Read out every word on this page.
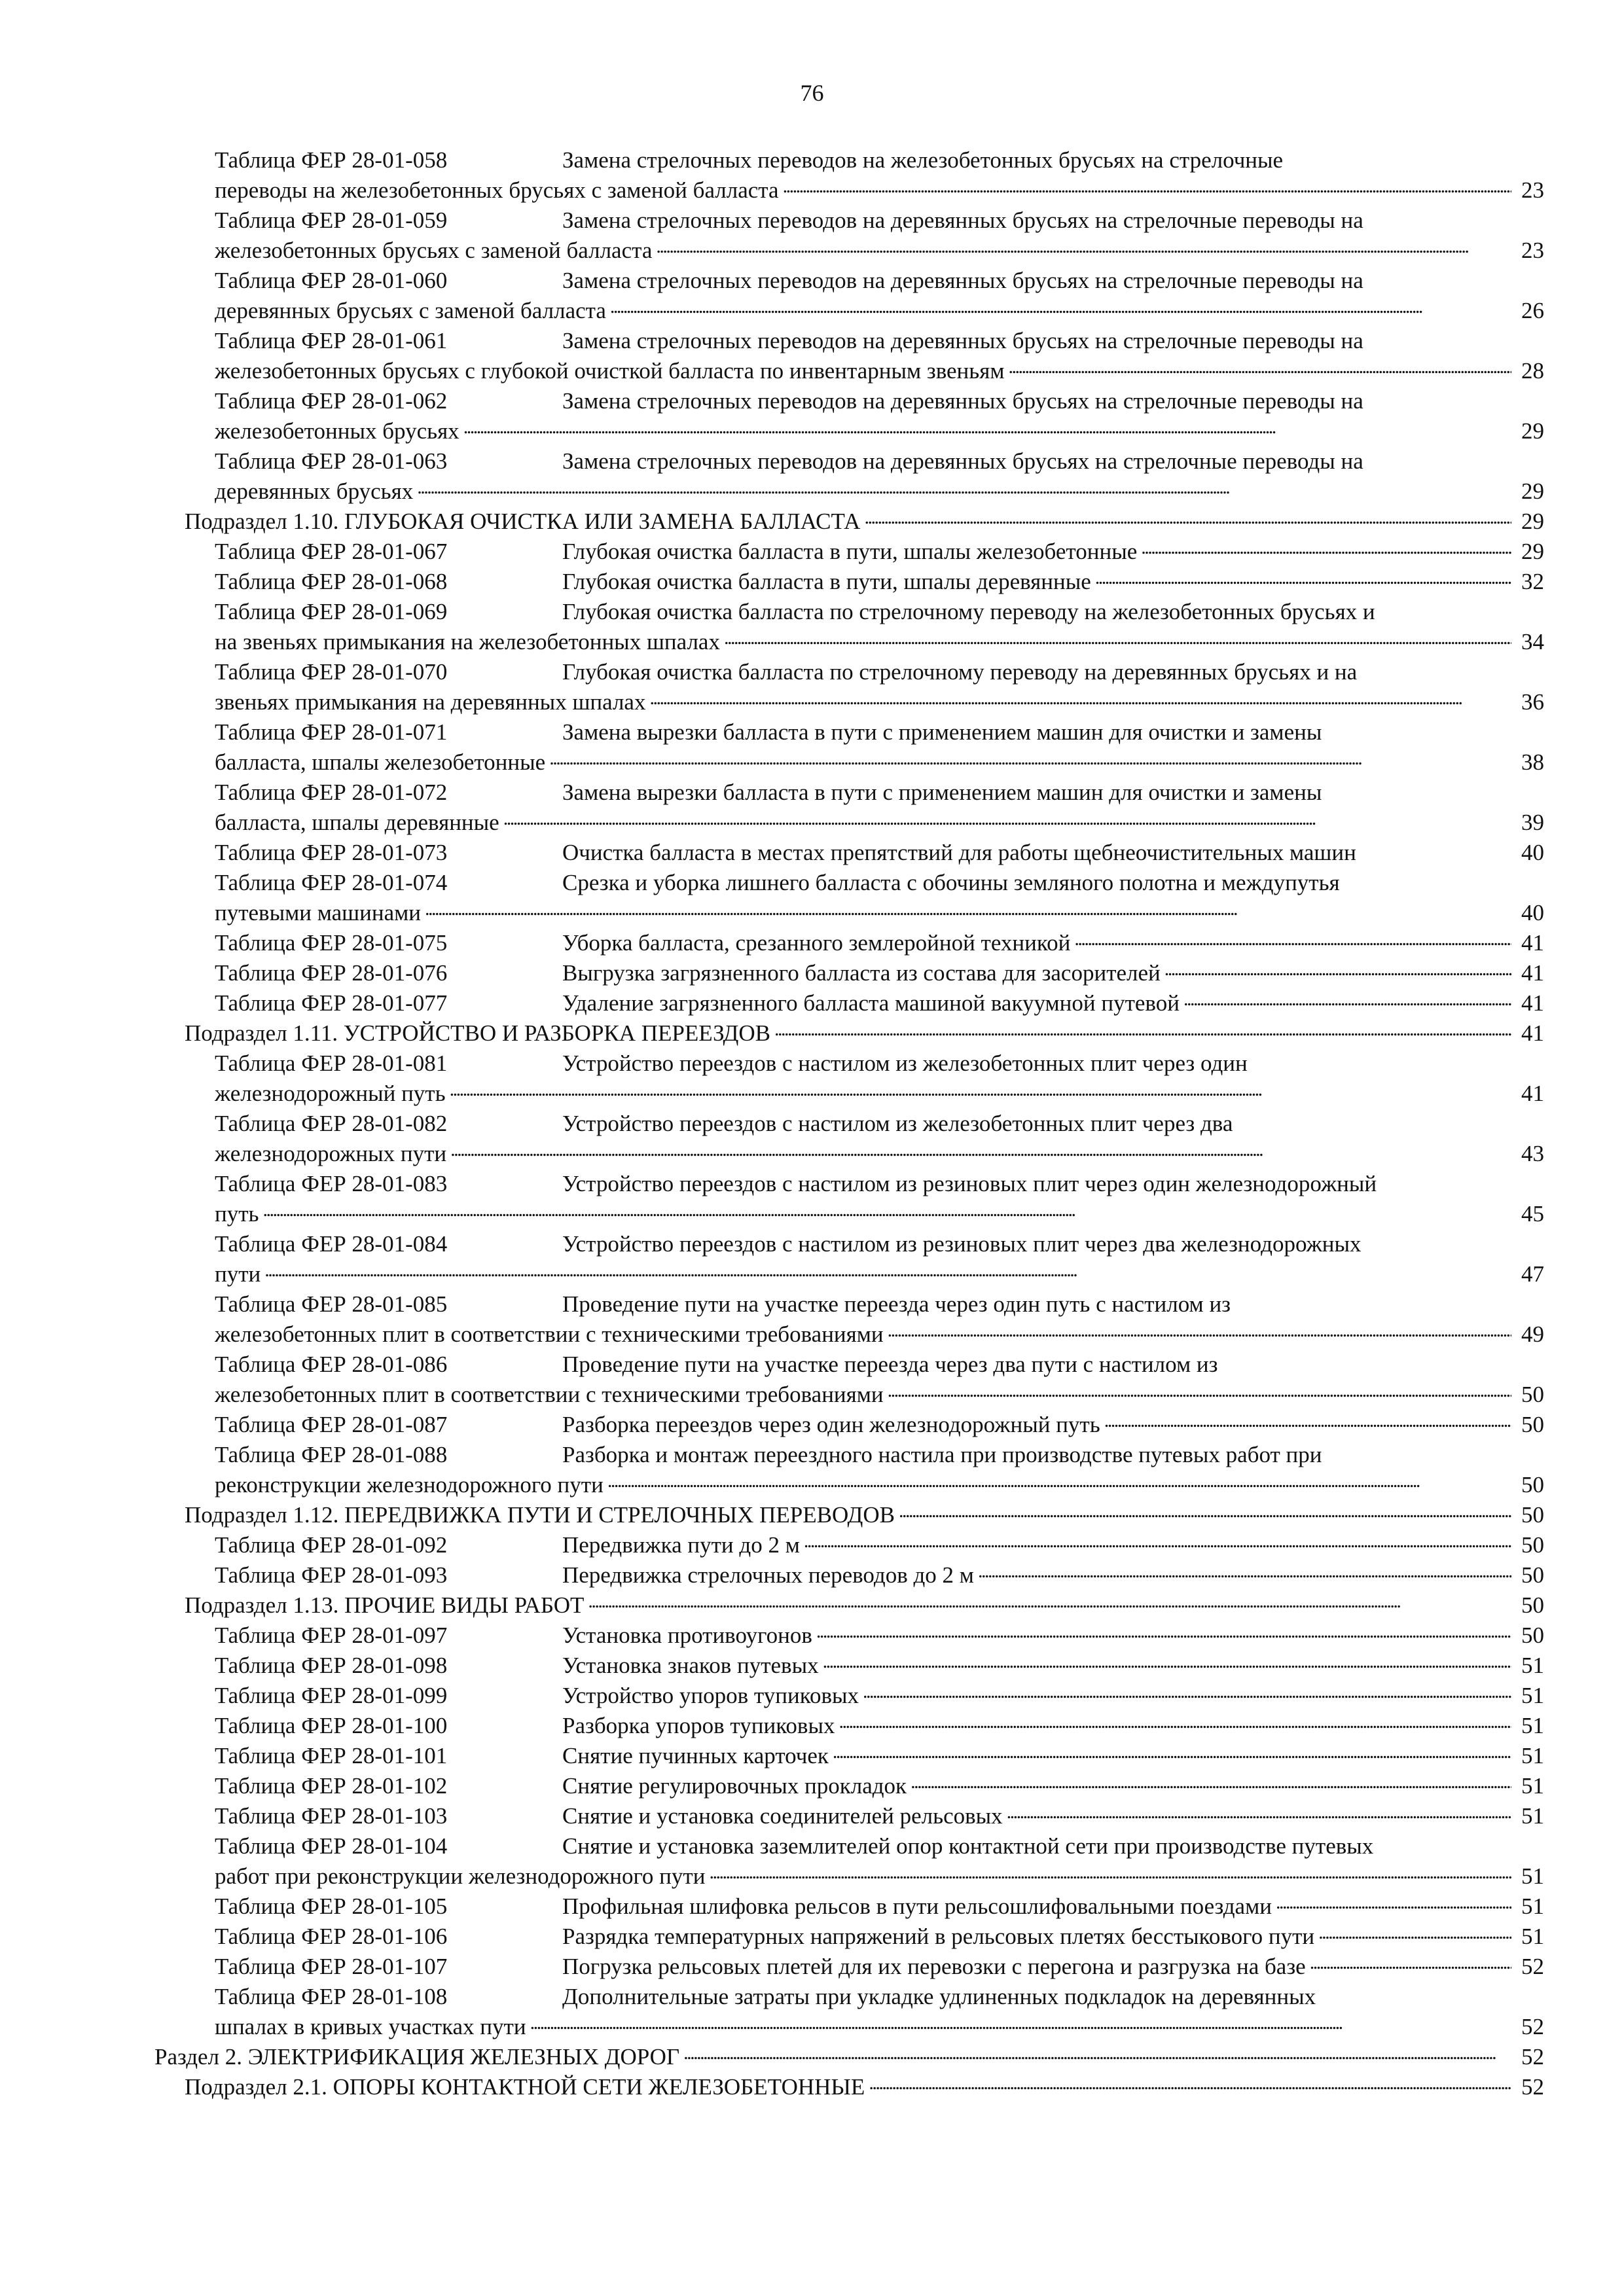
76
Таблица ФЕР 28-01-058	Замена стрелочных переводов на железобетонных брусьях на стрелочные
переводы на железобетонных брусьях с заменой балласта . . .	23
Таблица ФЕР 28-01-059	Замена стрелочных переводов на деревянных брусьях на стрелочные переводы на
железобетонных брусьях с заменой балласта . . .	23
Таблица ФЕР 28-01-060	Замена стрелочных переводов на деревянных брусьях на стрелочные переводы на
деревянных брусьях с заменой балласта . . .	26
Таблица ФЕР 28-01-061	Замена стрелочных переводов на деревянных брусьях на стрелочные переводы на
железобетонных брусьях с глубокой очисткой балласта по инвентарным звеньям . . .	28
Таблица ФЕР 28-01-062	Замена стрелочных переводов на деревянных брусьях на стрелочные переводы на
железобетонных брусьях . . .	29
Таблица ФЕР 28-01-063	Замена стрелочных переводов на деревянных брусьях на стрелочные переводы на
деревянных брусьях . . .	29
Подраздел 1.10. ГЛУБОКАЯ ОЧИСТКА ИЛИ ЗАМЕНА БАЛЛАСТА . . .	29
Таблица ФЕР 28-01-067	Глубокая очистка балласта в пути, шпалы железобетонные . . .	29
Таблица ФЕР 28-01-068	Глубокая очистка балласта в пути, шпалы деревянные . . .	32
Таблица ФЕР 28-01-069	Глубокая очистка балласта по стрелочному переводу на железобетонных брусьях и
на звеньях примыкания на железобетонных шпалах . . .	34
Таблица ФЕР 28-01-070	Глубокая очистка балласта по стрелочному переводу на деревянных брусьях и на
звеньях примыкания на деревянных шпалах . . .	36
Таблица ФЕР 28-01-071	Замена вырезки балласта в пути с применением машин для очистки и замены
балласта, шпалы железобетонные . . .	38
Таблица ФЕР 28-01-072	Замена вырезки балласта в пути с применением машин для очистки и замены
балласта, шпалы деревянные . . .	39
Таблица ФЕР 28-01-073	Очистка балласта в местах препятствий для работы щебнеочистительных машин	40
Таблица ФЕР 28-01-074	Срезка и уборка лишнего балласта с обочины земляного полотна и междупутья
путевыми машинами . . .	40
Таблица ФЕР 28-01-075	Уборка балласта, срезанного землеройной техникой . . .	41
Таблица ФЕР 28-01-076	Выгрузка загрязненного балласта из состава для засорителей . . .	41
Таблица ФЕР 28-01-077	Удаление загрязненного балласта машиной вакуумной путевой . . .	41
Подраздел 1.11. УСТРОЙСТВО И РАЗБОРКА ПЕРЕЕЗДОВ . . .	41
Таблица ФЕР 28-01-081	Устройство переездов с настилом из железобетонных плит через один
железнодорожный путь . . .	41
Таблица ФЕР 28-01-082	Устройство переездов с настилом из железобетонных плит через два
железнодорожных пути . . .	43
Таблица ФЕР 28-01-083	Устройство переездов с настилом из резиновых плит через один железнодорожный
путь . . .	45
Таблица ФЕР 28-01-084	Устройство переездов с настилом из резиновых плит через два железнодорожных
пути . . .	47
Таблица ФЕР 28-01-085	Проведение пути на участке переезда через один путь с настилом из
железобетонных плит в соответствии с техническими требованиями . . .	49
Таблица ФЕР 28-01-086	Проведение пути на участке переезда через два пути с настилом из
железобетонных плит в соответствии с техническими требованиями . . .	50
Таблица ФЕР 28-01-087	Разборка переездов через один железнодорожный путь . . .	50
Таблица ФЕР 28-01-088	Разборка и монтаж переездного настила при производстве путевых работ при
реконструкции железнодорожного пути . . .	50
Подраздел 1.12. ПЕРЕДВИЖКА ПУТИ И СТРЕЛОЧНЫХ ПЕРЕВОДОВ . . .	50
Таблица ФЕР 28-01-092	Передвижка пути до 2 м . . .	50
Таблица ФЕР 28-01-093	Передвижка стрелочных переводов до 2 м . . .	50
Подраздел 1.13. ПРОЧИЕ ВИДЫ РАБОТ . . .	50
Таблица ФЕР 28-01-097	Установка противоугонов . . .	50
Таблица ФЕР 28-01-098	Установка знаков путевых . . .	51
Таблица ФЕР 28-01-099	Устройство упоров тупиковых . . .	51
Таблица ФЕР 28-01-100	Разборка упоров тупиковых . . .	51
Таблица ФЕР 28-01-101	Снятие пучинных карточек . . .	51
Таблица ФЕР 28-01-102	Снятие регулировочных прокладок . . .	51
Таблица ФЕР 28-01-103	Снятие и установка соединителей рельсовых . . .	51
Таблица ФЕР 28-01-104	Снятие и установка заземлителей опор контактной сети при производстве путевых
работ при реконструкции железнодорожного пути . . .	51
Таблица ФЕР 28-01-105	Профильная шлифовка рельсов в пути рельсошлифовальными поездами . . .	51
Таблица ФЕР 28-01-106	Разрядка температурных напряжений в рельсовых плетях бесстыкового пути . . .	51
Таблица ФЕР 28-01-107	Погрузка рельсовых плетей для их перевозки с перегона и разгрузка на базе . . .	52
Таблица ФЕР 28-01-108	Дополнительные затраты при укладке удлиненных подкладок на деревянных
шпалах в кривых участках пути . . .	52
Раздел 2. ЭЛЕКТРИФИКАЦИЯ ЖЕЛЕЗНЫХ ДОРОГ . . .	52
Подраздел 2.1. ОПОРЫ КОНТАКТНОЙ СЕТИ ЖЕЛЕЗОБЕТОННЫЕ . . .	52
